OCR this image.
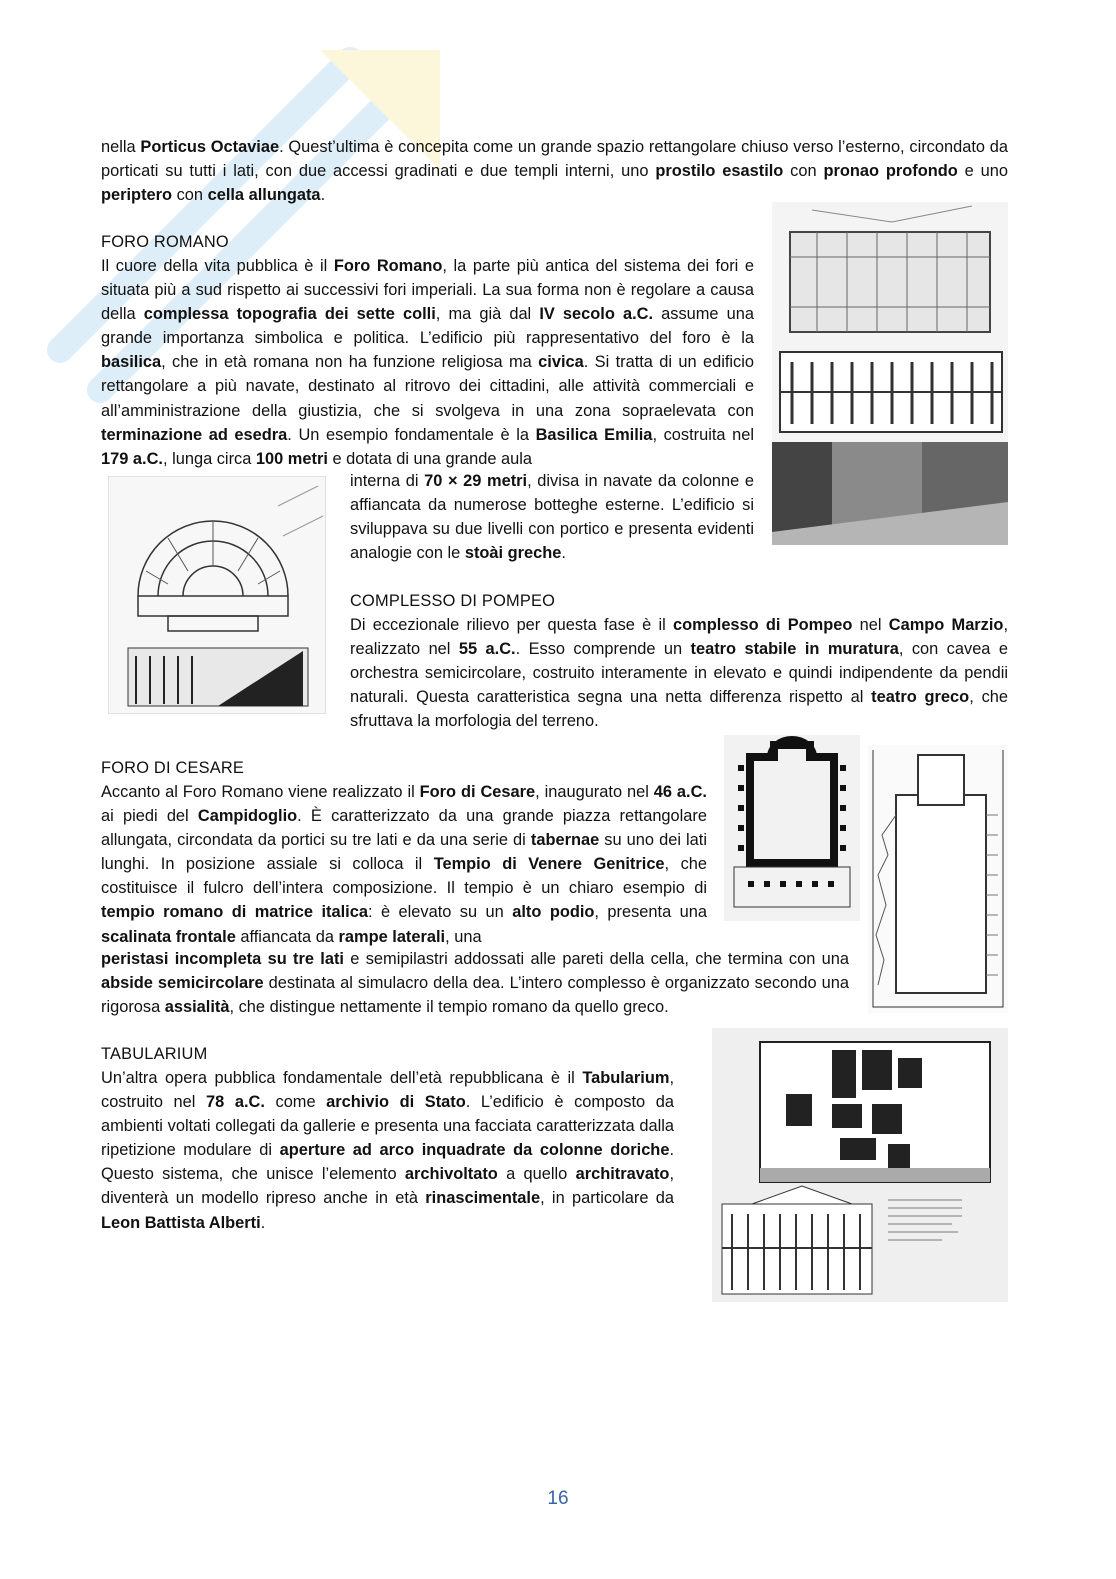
nella Porticus Octaviae. Quest’ultima è concepita come un grande spazio rettangolare chiuso verso l’esterno, circondato da porticati su tutti i lati, con due accessi gradinati e due templi interni, uno prostilo esastilo con pronao profondo e uno periptero con cella allungata.

FORO ROMANO

Il cuore della vita pubblica è il Foro Romano, la parte più antica del sistema dei fori e situata più a sud rispetto ai successivi fori imperiali. La sua forma non è regolare a causa della complessa topografia dei sette colli, ma già dal IV secolo a.C. assume una grande importanza simbolica e politica. L’edificio più rappresentativo del foro è la basilica, che in età romana non ha funzione religiosa ma civica. Si tratta di un edificio rettangolare a più navate, destinato al ritrovo dei cittadini, alle attività commerciali e all’amministrazione della giustizia, che si svolgeva in una zona sopraelevata con terminazione ad esedra. Un esempio fondamentale è la Basilica Emilia, costruita nel 179 a.C., lunga circa 100 metri e dotata di una grande aula

interna di 70 × 29 metri, divisa in navate da colonne e affiancata da numerose botteghe esterne. L’edificio si sviluppava su due livelli con portico e presenta evidenti analogie con le stoài greche.

COMPLESSO DI POMPEO

Di eccezionale rilievo per questa fase è il complesso di Pompeo nel Campo Marzio, realizzato nel 55 a.C.. Esso comprende un teatro stabile in muratura, con cavea e orchestra semicircolare, costruito interamente in elevato e quindi indipendente da pendii naturali. Questa caratteristica segna una netta differenza rispetto al teatro greco, che sfruttava la morfologia del terreno.

FORO DI CESARE

Accanto al Foro Romano viene realizzato il Foro di Cesare, inaugurato nel 46 a.C. ai piedi del Campidoglio. È caratterizzato da una grande piazza rettangolare allungata, circondata da portici su tre lati e da una serie di tabernae su uno dei lati lunghi. In posizione assiale si colloca il Tempio di Venere Genitrice, che costituisce il fulcro dell’intera composizione. Il tempio è un chiaro esempio di tempio romano di matrice italica: è elevato su un alto podio, presenta una scalinata frontale affiancata da rampe laterali, una

peristasi incompleta su tre lati e semipilastri addossati alle pareti della cella, che termina con una abside semicircolare destinata al simulacro della dea. L’intero complesso è organizzato secondo una rigorosa assialità, che distingue nettamente il tempio romano da quello greco.

TABULARIUM

Un’altra opera pubblica fondamentale dell’età repubblicana è il Tabularium, costruito nel 78 a.C. come archivio di Stato. L’edificio è composto da ambienti voltati collegati da gallerie e presenta una facciata caratterizzata dalla ripetizione modulare di aperture ad arco inquadrate da colonne doriche. Questo sistema, che unisce l’elemento archivoltato a quello architravato, diventerà un modello ripreso anche in età rinascimentale, in particolare da Leon Battista Alberti.

16
